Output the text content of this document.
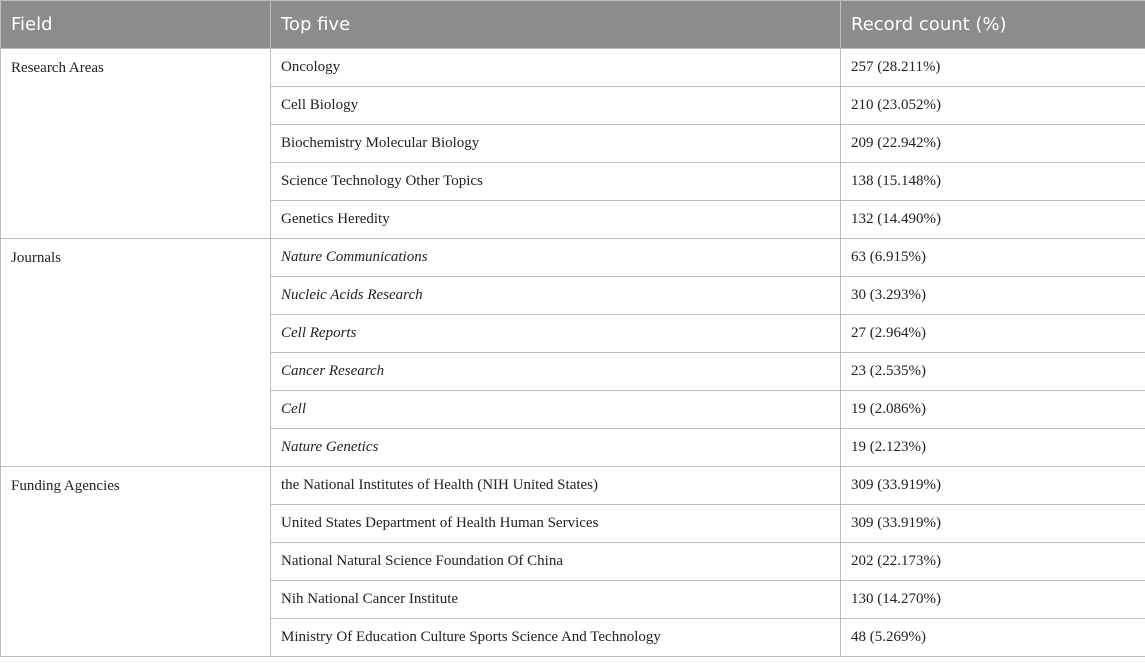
Field	Top five	Record count (%)
Research Areas	Oncology	257 (28.211%)
	Cell Biology	210 (23.052%)
	Biochemistry Molecular Biology	209 (22.942%)
	Science Technology Other Topics	138 (15.148%)
	Genetics Heredity	132 (14.490%)
Journals	Nature Communications	63 (6.915%)
	Nucleic Acids Research	30 (3.293%)
	Cell Reports	27 (2.964%)
	Cancer Research	23 (2.535%)
	Cell	19 (2.086%)
	Nature Genetics	19 (2.123%)
Funding Agencies	the National Institutes of Health (NIH United States)	309 (33.919%)
	United States Department of Health Human Services	309 (33.919%)
	National Natural Science Foundation Of China	202 (22.173%)
	Nih National Cancer Institute	130 (14.270%)
	Ministry Of Education Culture Sports Science And Technology	48 (5.269%)
